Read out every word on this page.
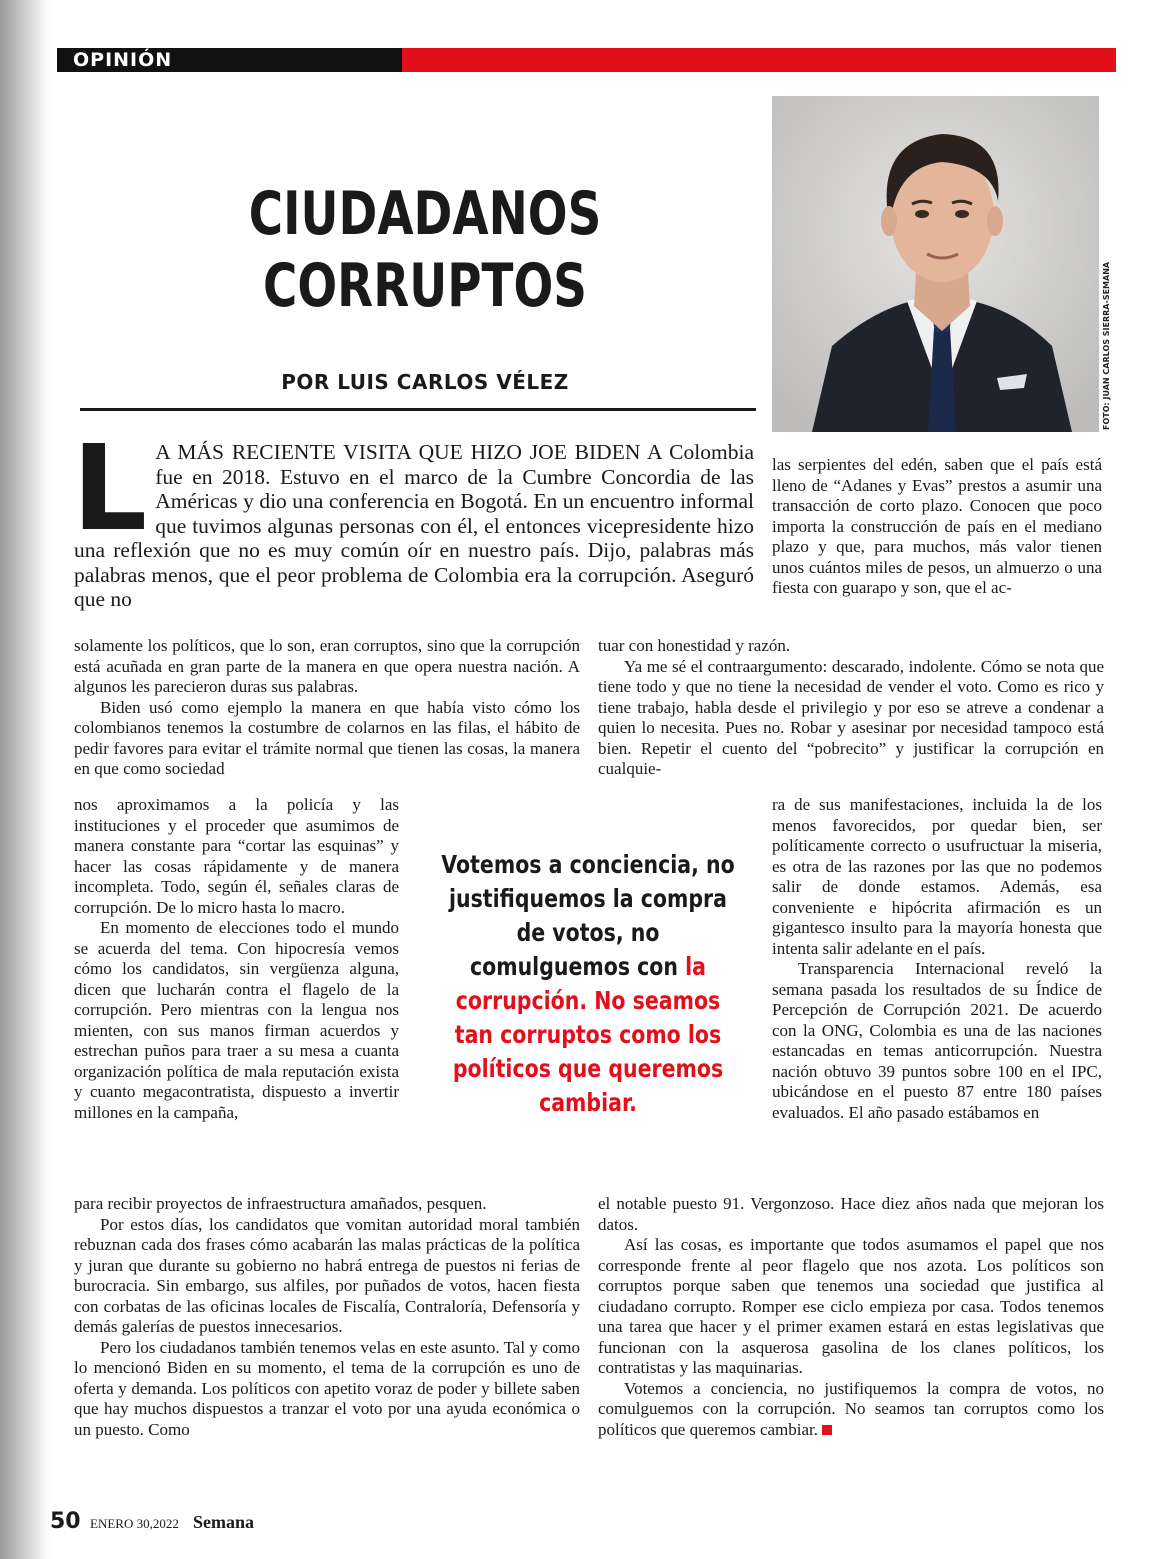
OPINIÓN
CIUDADANOS
CORRUPTOS
POR LUIS CARLOS VÉLEZ	FOTO: JUAN CARLOS SIERRA-SEMANA
L A MÁS RECIENTE VISITA QUE HIZO JOE BIDEN A Colombia fue en 2018. Estuvo en el marco de la Cumbre Concordia de las Américas y dio una conferencia en Bogotá. En un encuentro informal que tuvimos algunas personas con él, el entonces vicepresidente hizo una reflexión que no es muy común oír en nuestro país. Dijo, palabras más palabras menos, que el peor problema de Colombia era la corrupción. Aseguró que no

solamente los políticos, que lo son, eran corruptos, sino que la corrupción está acuñada en gran parte de la manera en que opera nuestra nación. A algunos les parecieron duras sus palabras.

Biden usó como ejemplo la manera en que había visto cómo los colombianos tenemos la costumbre de colarnos en las filas, el hábito de pedir favores para evitar el trámite normal que tienen las cosas, la manera en que como sociedad

nos aproximamos a la policía y las instituciones y el proceder que asumimos de manera constante para “cortar las esquinas” y hacer las cosas rápidamente y de manera incompleta. Todo, según él, señales claras de corrupción. De lo micro hasta lo macro.

En momento de elecciones todo el mundo se acuerda del tema. Con hipocresía vemos cómo los candidatos, sin vergüenza alguna, dicen que lucharán contra el flagelo de la corrupción. Pero mientras con la lengua nos mienten, con sus manos firman acuerdos y estrechan puños para traer a su mesa a cuanta organización política de mala reputación exista y cuanto megacontratista, dispuesto a invertir millones en la campaña,

para recibir proyectos de infraestructura amañados, pesquen.

Por estos días, los candidatos que vomitan autoridad moral también rebuznan cada dos frases cómo acabarán las malas prácticas de la política y juran que durante su gobierno no habrá entrega de puestos ni ferias de burocracia. Sin embargo, sus alfiles, por puñados de votos, hacen fiesta con corbatas de las oficinas locales de Fiscalía, Contraloría, Defensoría y demás galerías de puestos innecesarios.

Pero los ciudadanos también tenemos velas en este asunto. Tal y como lo mencionó Biden en su momento, el tema de la corrupción es uno de oferta y demanda. Los políticos con apetito voraz de poder y billete saben que hay muchos dispuestos a tranzar el voto por una ayuda económica o un puesto. Como

las serpientes del edén, saben que el país está lleno de “Adanes y Evas” prestos a asumir una transacción de corto plazo. Conocen que poco importa la construcción de país en el mediano plazo y que, para muchos, más valor tienen unos cuántos miles de pesos, un almuerzo o una fiesta con guarapo y son, que el ac-

tuar con honestidad y razón.

Ya me sé el contraargumento: descarado, indolente. Cómo se nota que tiene todo y que no tiene la necesidad de vender el voto. Como es rico y tiene trabajo, habla desde el privilegio y por eso se atreve a condenar a quien lo necesita. Pues no. Robar y asesinar por necesidad tampoco está bien. Repetir el cuento del “pobrecito” y justificar la corrupción en cualquie-

ra de sus manifestaciones, incluida la de los menos favorecidos, por quedar bien, ser políticamente correcto o usufructuar la miseria, es otra de las razones por las que no podemos salir de donde estamos. Además, esa conveniente e hipócrita afirmación es un gigantesco insulto para la mayoría honesta que intenta salir adelante en el país.

Transparencia Internacional reveló la semana pasada los resultados de su Índice de Percepción de Corrupción 2021. De acuerdo con la ONG, Colombia es una de las naciones estancadas en temas anticorrupción. Nuestra nación obtuvo 39 puntos sobre 100 en el IPC, ubicándose en el puesto 87 entre 180 países evaluados. El año pasado estábamos en

el notable puesto 91. Vergonzoso. Hace diez años nada que mejoran los datos.

Así las cosas, es importante que todos asumamos el papel que nos corresponde frente al peor flagelo que nos azota. Los políticos son corruptos porque saben que tenemos una sociedad que justifica al ciudadano corrupto. Romper ese ciclo empieza por casa. Todos tenemos una tarea que hacer y el primer examen estará en estas legislativas que funcionan con la asquerosa gasolina de los clanes políticos, los contratistas y las maquinarias.

Votemos a conciencia, no justifiquemos la compra de votos, no comulguemos con la corrupción. No seamos tan corruptos como los políticos que queremos cambiar.

Votemos a conciencia, no justifiquemos la compra de votos, no comulguemos con la corrupción. No seamos tan corruptos como los políticos que queremos cambiar.
50 ENERO 30,2022 Semana
